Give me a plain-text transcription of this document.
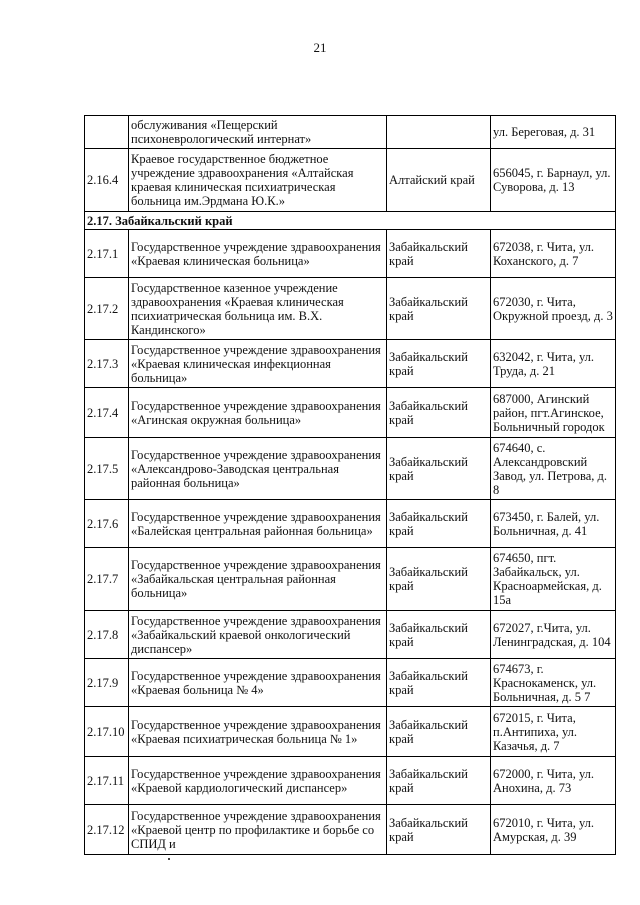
21
	обслуживания «Пещерский психоневрологический интернат»		ул. Береговая, д. 31
2.16.4	Краевое государственное бюджетное учреждение здравоохранения «Алтайская краевая клиническая психиатрическая больница им.Эрдмана Ю.К.»	Алтайский край	656045, г. Барнаул, ул. Суворова, д. 13
2.17. Забайкальский край			
2.17.1	Государственное учреждение здравоохранения «Краевая клиническая больница»	Забайкальский край	672038, г. Чита, ул. Коханского, д. 7
2.17.2	Государственное казенное учреждение здравоохранения «Краевая клиническая психиатрическая больница им. В.Х. Кандинского»	Забайкальский край	672030, г. Чита, Окружной проезд, д. 3
2.17.3	Государственное учреждение здравоохранения «Краевая клиническая инфекционная больница»	Забайкальский край	632042, г. Чита, ул. Труда, д. 21
2.17.4	Государственное учреждение здравоохранения «Агинская окружная больница»	Забайкальский край	687000, Агинский район, пгт.Агинское, Больничный городок
2.17.5	Государственное учреждение здравоохранения «Александрово-Заводская центральная районная больница»	Забайкальский край	674640, с. Александровский Завод, ул. Петрова, д. 8
2.17.6	Государственное учреждение здравоохранения «Балейская центральная районная больница»	Забайкальский край	673450, г. Балей, ул. Больничная, д. 41
2.17.7	Государственное учреждение здравоохранения «Забайкальская центральная районная больница»	Забайкальский край	674650, пгт. Забайкальск, ул. Красноармейская, д. 15а
2.17.8	Государственное учреждение здравоохранения «Забайкальский краевой онкологический диспансер»	Забайкальский край	672027, г.Чита, ул. Ленинградская, д. 104
2.17.9	Государственное учреждение здравоохранения «Краевая больница № 4»	Забайкальский край	674673, г. Краснокаменск, ул. Больничная, д. 5 7
2.17.10	Государственное учреждение здравоохранения «Краевая психиатрическая больница № 1»	Забайкальский край	672015, г. Чита, п.Антипиха, ул. Казачья, д. 7
2.17.11	Государственное учреждение здравоохранения «Краевой кардиологический диспансер»	Забайкальский край	672000, г. Чита, ул. Анохина, д. 73
2.17.12	Государственное учреждение здравоохранения «Краевой центр по профилактике и борьбе со СПИД и	Забайкальский край	672010, г. Чита, ул. Амурская, д. 39
